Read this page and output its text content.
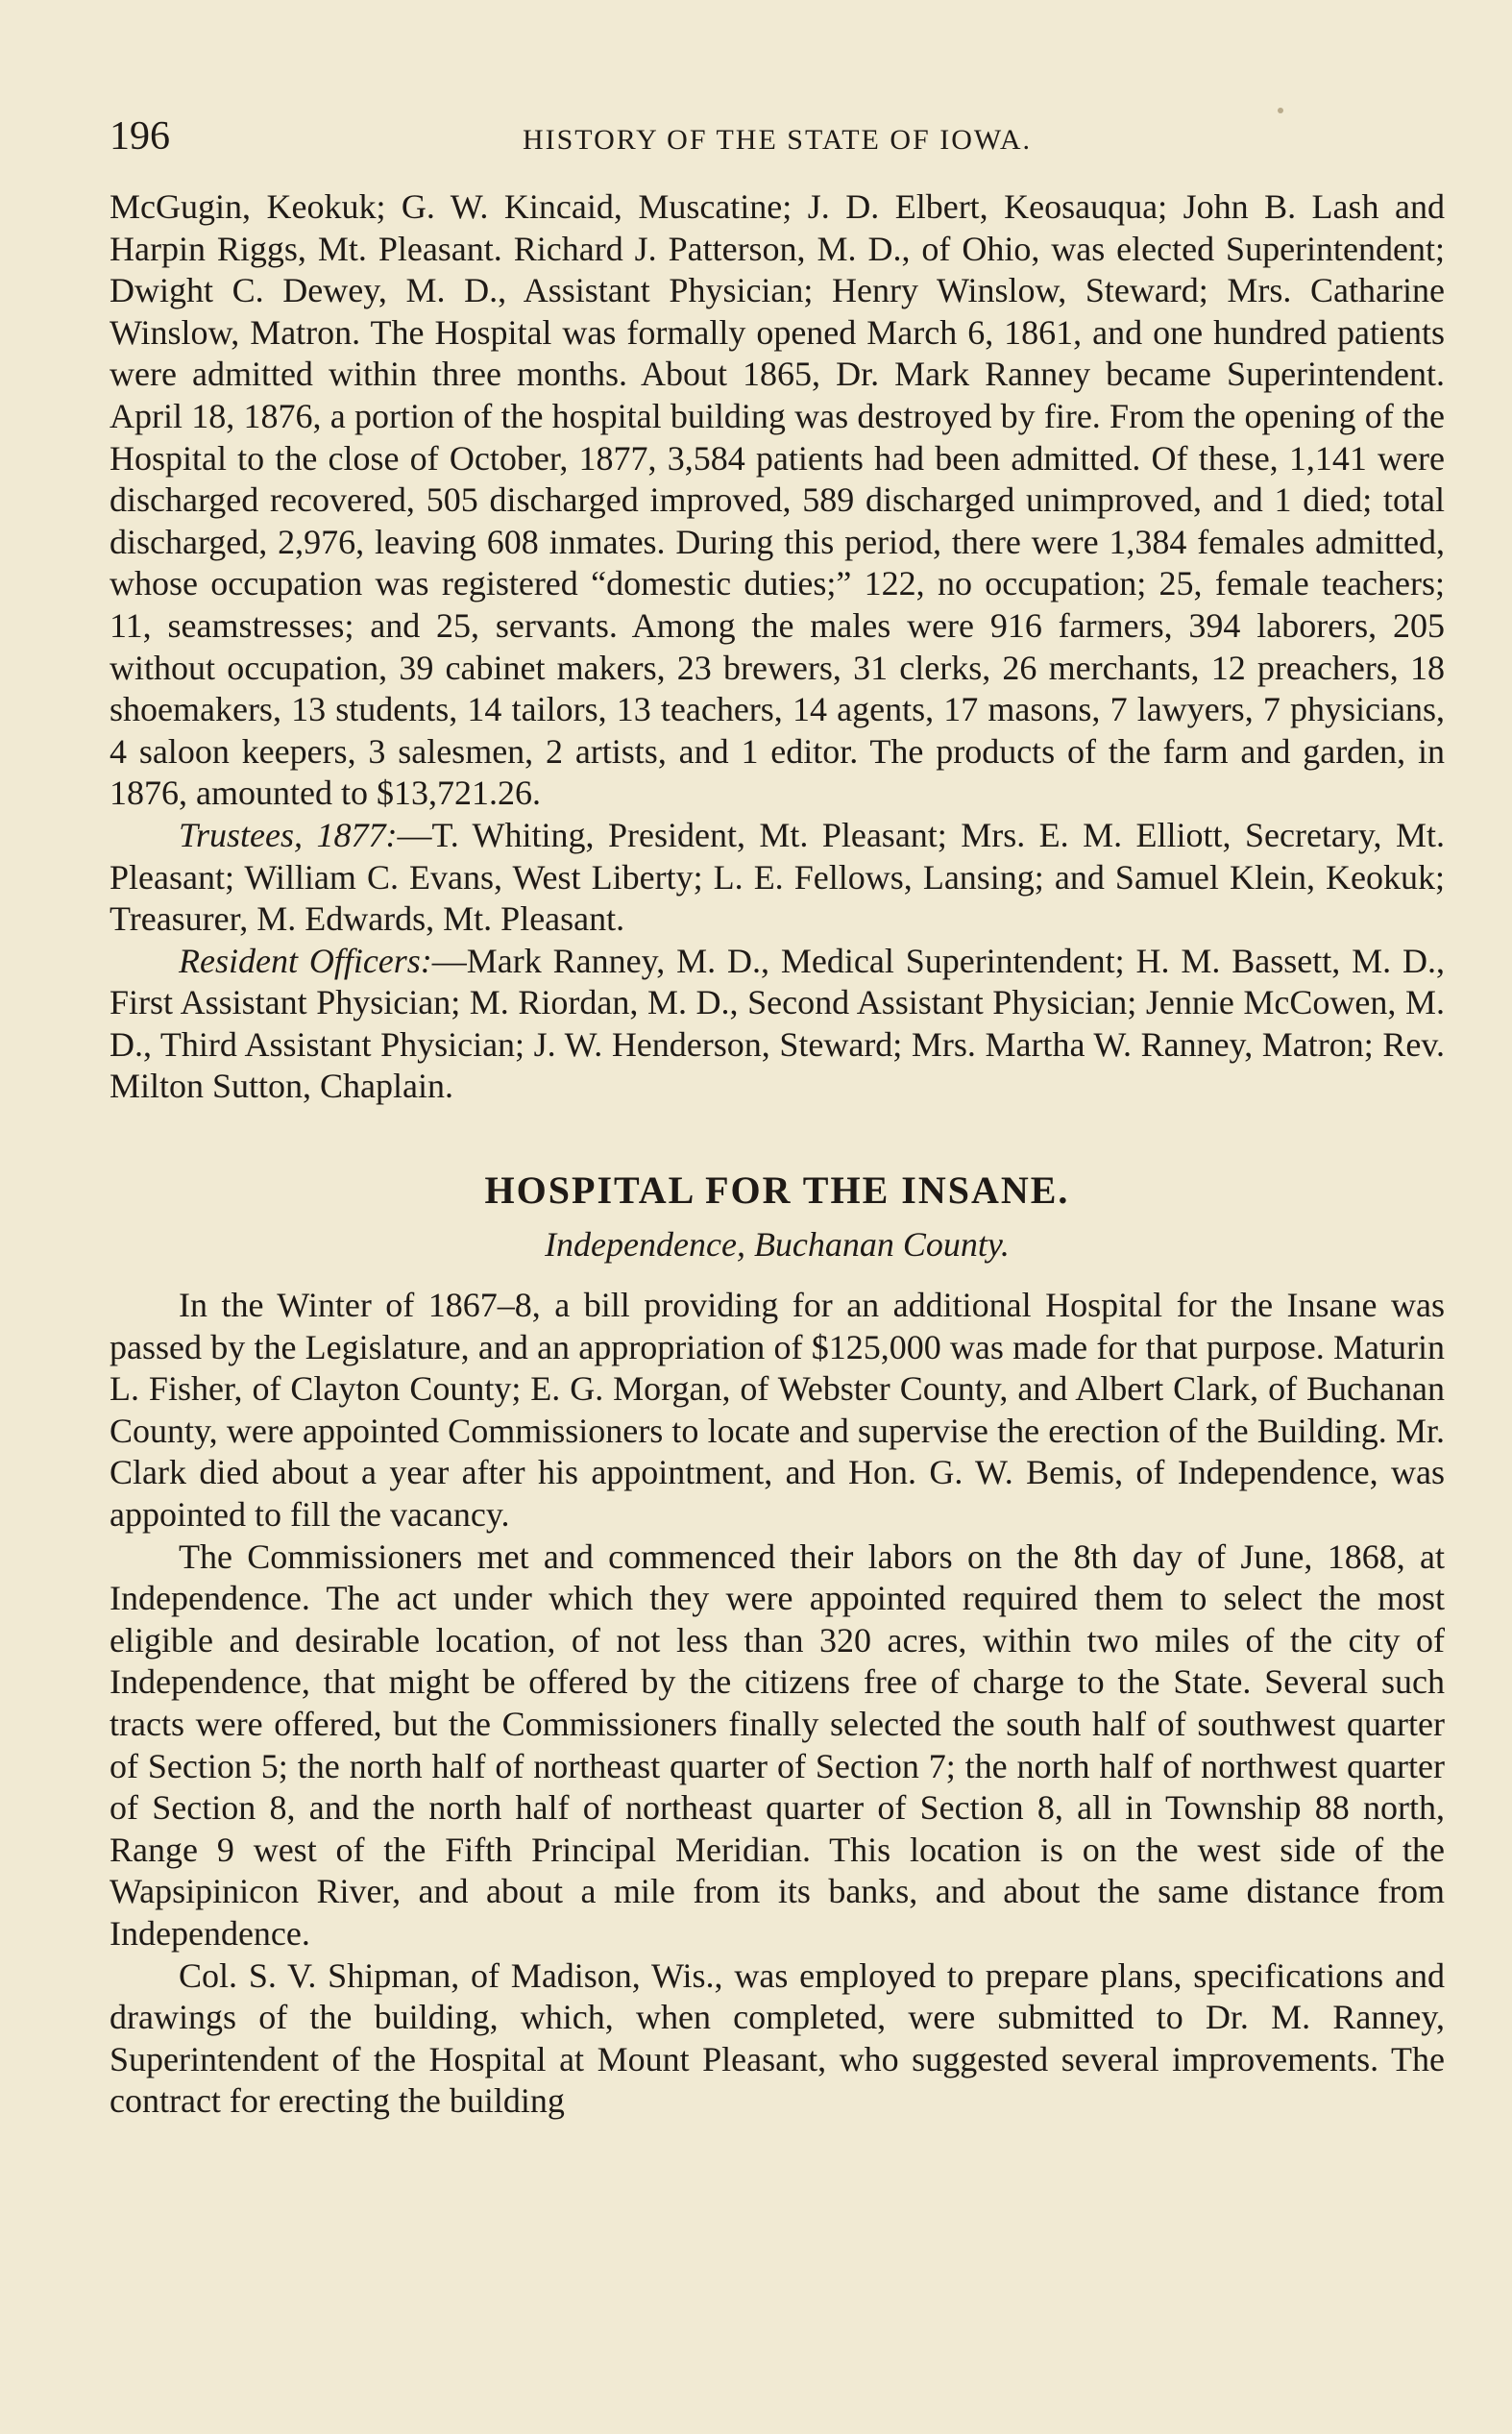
196	HISTORY OF THE STATE OF IOWA.

McGugin, Keokuk; G. W. Kincaid, Muscatine; J. D. Elbert, Keosauqua; John B. Lash and Harpin Riggs, Mt. Pleasant. Richard J. Patterson, M. D., of Ohio, was elected Superintendent; Dwight C. Dewey, M. D., Assistant Physician; Henry Winslow, Steward; Mrs. Catharine Winslow, Matron. The Hospital was formally opened March 6, 1861, and one hundred patients were admitted within three months. About 1865, Dr. Mark Ranney became Superintendent. April 18, 1876, a portion of the hospital building was destroyed by fire. From the opening of the Hospital to the close of October, 1877, 3,584 patients had been admitted. Of these, 1,141 were discharged recovered, 505 discharged improved, 589 discharged unimproved, and 1 died; total discharged, 2,976, leaving 608 inmates. During this period, there were 1,384 females admitted, whose occupation was registered “domestic duties;” 122, no occupation; 25, female teachers; 11, seamstresses; and 25, servants. Among the males were 916 farmers, 394 laborers, 205 without occupation, 39 cabinet makers, 23 brewers, 31 clerks, 26 merchants, 12 preachers, 18 shoemakers, 13 students, 14 tailors, 13 teachers, 14 agents, 17 masons, 7 lawyers, 7 physicians, 4 saloon keepers, 3 salesmen, 2 artists, and 1 editor. The products of the farm and garden, in 1876, amounted to $13,721.26.

Trustees, 1877:—T. Whiting, President, Mt. Pleasant; Mrs. E. M. Elliott, Secretary, Mt. Pleasant; William C. Evans, West Liberty; L. E. Fellows, Lansing; and Samuel Klein, Keokuk; Treasurer, M. Edwards, Mt. Pleasant.

Resident Officers:—Mark Ranney, M. D., Medical Superintendent; H. M. Bassett, M. D., First Assistant Physician; M. Riordan, M. D., Second Assistant Physician; Jennie McCowen, M. D., Third Assistant Physician; J. W. Henderson, Steward; Mrs. Martha W. Ranney, Matron; Rev. Milton Sutton, Chaplain.

HOSPITAL FOR THE INSANE.
Independence, Buchanan County.

In the Winter of 1867–8, a bill providing for an additional Hospital for the Insane was passed by the Legislature, and an appropriation of $125,000 was made for that purpose. Maturin L. Fisher, of Clayton County; E. G. Morgan, of Webster County, and Albert Clark, of Buchanan County, were appointed Commissioners to locate and supervise the erection of the Building. Mr. Clark died about a year after his appointment, and Hon. G. W. Bemis, of Independence, was appointed to fill the vacancy.

The Commissioners met and commenced their labors on the 8th day of June, 1868, at Independence. The act under which they were appointed required them to select the most eligible and desirable location, of not less than 320 acres, within two miles of the city of Independence, that might be offered by the citizens free of charge to the State. Several such tracts were offered, but the Commissioners finally selected the south half of southwest quarter of Section 5; the north half of northeast quarter of Section 7; the north half of northwest quarter of Section 8, and the north half of northeast quarter of Section 8, all in Township 88 north, Range 9 west of the Fifth Principal Meridian. This location is on the west side of the Wapsipinicon River, and about a mile from its banks, and about the same distance from Independence.

Col. S. V. Shipman, of Madison, Wis., was employed to prepare plans, specifications and drawings of the building, which, when completed, were submitted to Dr. M. Ranney, Superintendent of the Hospital at Mount Pleasant, who suggested several improvements. The contract for erecting the building
